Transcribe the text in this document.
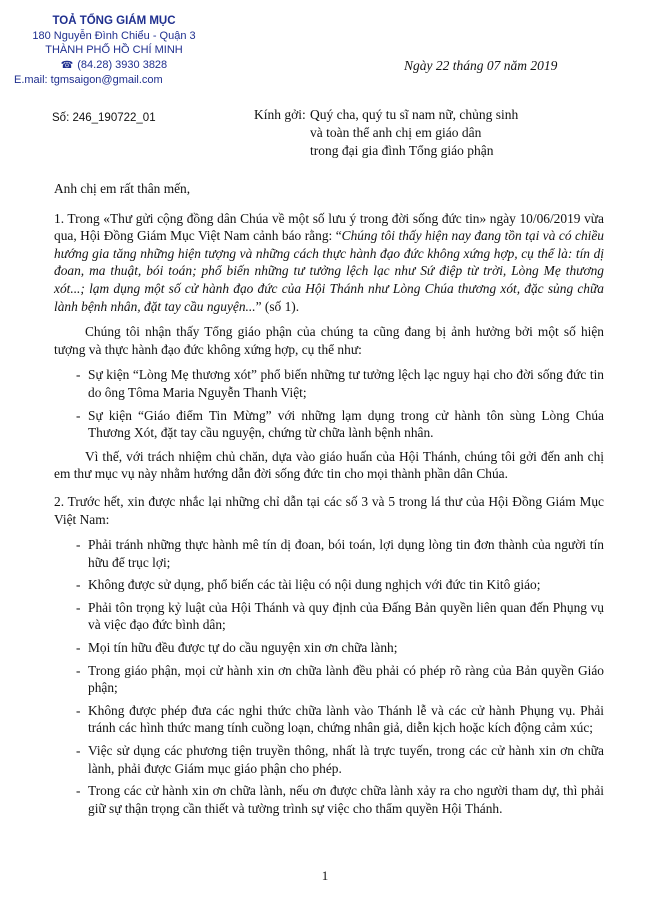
TOẢ TỔNG GIÁM MỤC
180 Nguyễn Đình Chiểu - Quận 3
THÀNH PHỐ HỒ CHÍ MINH
☎ (84.28) 3930 3828
E.mail: tgmsaigon@gmail.com
Ngày 22 tháng 07 năm 2019
Số: 246_190722_01	Kính gởi: Quý cha, quý tu sĩ nam nữ, chủng sinh
và toàn thể anh chị em giáo dân
trong đại gia đình Tổng giáo phận

Anh chị em rất thân mến,

1. Trong «Thư gửi cộng đồng dân Chúa về một số lưu ý trong đời sống đức tin» ngày 10/06/2019 vừa qua, Hội Đồng Giám Mục Việt Nam cảnh báo rằng: “Chúng tôi thấy hiện nay đang tồn tại và có chiều hướng gia tăng những hiện tượng và những cách thực hành đạo đức không xứng hợp, cụ thể là: tín dị đoan, ma thuật, bói toán; phổ biến những tư tưởng lệch lạc như Sứ điệp từ trời, Lòng Mẹ thương xót...; lạm dụng một số cử hành đạo đức của Hội Thánh như Lòng Chúa thương xót, đặc sủng chữa lành bệnh nhân, đặt tay cầu nguyện...” (số 1).

Chúng tôi nhận thấy Tổng giáo phận của chúng ta cũng đang bị ảnh hưởng bởi một số hiện tượng và thực hành đạo đức không xứng hợp, cụ thể như:

- Sự kiện “Lòng Mẹ thương xót” phổ biến những tư tưởng lệch lạc nguy hại cho đời sống đức tin do ông Tôma Maria Nguyễn Thanh Việt;

- Sự kiện “Giáo điểm Tin Mừng” với những lạm dụng trong cử hành tôn sùng Lòng Chúa Thương Xót, đặt tay cầu nguyện, chứng từ chữa lành bệnh nhân.

Vì thế, với trách nhiệm chủ chăn, dựa vào giáo huấn của Hội Thánh, chúng tôi gởi đến anh chị em thư mục vụ này nhằm hướng dẫn đời sống đức tin cho mọi thành phần dân Chúa.

2. Trước hết, xin được nhắc lại những chỉ dẫn tại các số 3 và 5 trong lá thư của Hội Đồng Giám Mục Việt Nam:

- Phải tránh những thực hành mê tín dị đoan, bói toán, lợi dụng lòng tin đơn thành của người tín hữu để trục lợi;

- Không được sử dụng, phổ biến các tài liệu có nội dung nghịch với đức tin Kitô giáo;

- Phải tôn trọng kỷ luật của Hội Thánh và quy định của Đấng Bản quyền liên quan đến Phụng vụ và việc đạo đức bình dân;

- Mọi tín hữu đều được tự do cầu nguyện xin ơn chữa lành;

- Trong giáo phận, mọi cử hành xin ơn chữa lành đều phải có phép rõ ràng của Bản quyền Giáo phận;

- Không được phép đưa các nghi thức chữa lành vào Thánh lễ và các cử hành Phụng vụ. Phải tránh các hình thức mang tính cuồng loạn, chứng nhân giả, diễn kịch hoặc kích động cảm xúc;

- Việc sử dụng các phương tiện truyền thông, nhất là trực tuyến, trong các cử hành xin ơn chữa lành, phải được Giám mục giáo phận cho phép.

- Trong các cử hành xin ơn chữa lành, nếu ơn được chữa lành xảy ra cho người tham dự, thì phải giữ sự thận trọng cần thiết và tường trình sự việc cho thẩm quyền Hội Thánh.

1
